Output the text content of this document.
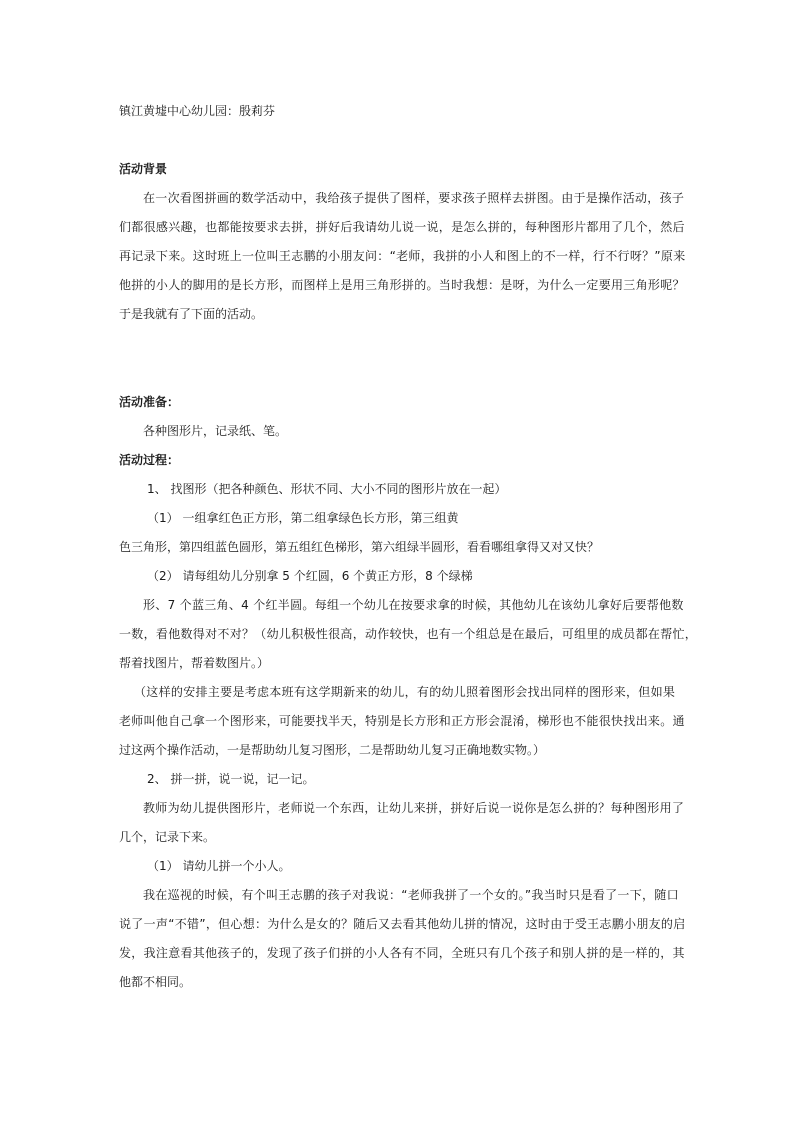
镇江黄墟中心幼儿园：殷莉芬
活动背景
在一次看图拼画的数学活动中，我给孩子提供了图样，要求孩子照样去拼图。由于是操作活动，孩子
们都很感兴趣，也都能按要求去拼，拼好后我请幼儿说一说，是怎么拼的，每种图形片都用了几个，然后
再记录下来。这时班上一位叫王志鹏的小朋友问：“老师，我拼的小人和图上的不一样，行不行呀？”原来
他拼的小人的脚用的是长方形，而图样上是用三角形拼的。当时我想：是呀，为什么一定要用三角形呢？
于是我就有了下面的活动。
活动准备：
各种图形片，记录纸、笔。
活动过程：
1、 找图形（把各种颜色、形状不同、大小不同的图形片放在一起）
（1） 一组拿红色正方形，第二组拿绿色长方形，第三组黄
色三角形，第四组蓝色圆形，第五组红色梯形，第六组绿半圆形，看看哪组拿得又对又快？
（2） 请每组幼儿分别拿 5 个红圆，6 个黄正方形，8 个绿梯
形、7 个蓝三角、4 个红半圆。每组一个幼儿在按要求拿的时候，其他幼儿在该幼儿拿好后要帮他数
一数，看他数得对不对？（幼儿积极性很高，动作较快，也有一个组总是在最后，可组里的成员都在帮忙，
帮着找图片，帮着数图片。）
（这样的安排主要是考虑本班有这学期新来的幼儿，有的幼儿照着图形会找出同样的图形来，但如果
老师叫他自己拿一个图形来，可能要找半天，特别是长方形和正方形会混淆，梯形也不能很快找出来。通
过这两个操作活动，一是帮助幼儿复习图形，二是帮助幼儿复习正确地数实物。）
2、 拼一拼，说一说，记一记。
教师为幼儿提供图形片，老师说一个东西，让幼儿来拼，拼好后说一说你是怎么拼的？每种图形用了
几个，记录下来。
（1） 请幼儿拼一个小人。
我在巡视的时候，有个叫王志鹏的孩子对我说：“老师我拼了一个女的。”我当时只是看了一下，随口
说了一声“不错”，但心想：为什么是女的？随后又去看其他幼儿拼的情况，这时由于受王志鹏小朋友的启
发，我注意看其他孩子的，发现了孩子们拼的小人各有不同，全班只有几个孩子和别人拼的是一样的，其
他都不相同。
